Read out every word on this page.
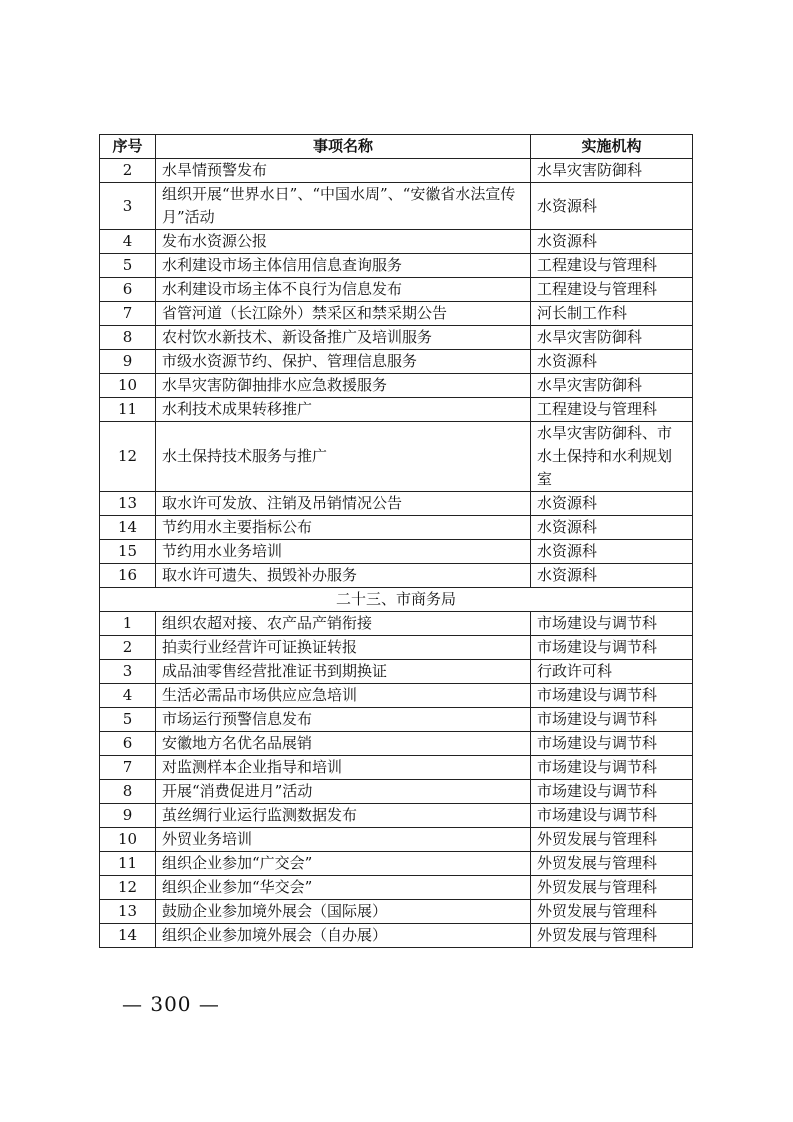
序号	事项名称	实施机构
2	水旱情预警发布	水旱灾害防御科
3	组织开展“世界水日”、“中国水周”、“安徽省水法宣传月”活动	水资源科
4	发布水资源公报	水资源科
5	水利建设市场主体信用信息查询服务	工程建设与管理科
6	水利建设市场主体不良行为信息发布	工程建设与管理科
7	省管河道（长江除外）禁采区和禁采期公告	河长制工作科
8	农村饮水新技术、新设备推广及培训服务	水旱灾害防御科
9	市级水资源节约、保护、管理信息服务	水资源科
10	水旱灾害防御抽排水应急救援服务	水旱灾害防御科
11	水利技术成果转移推广	工程建设与管理科
12	水土保持技术服务与推广	水旱灾害防御科、市水土保持和水利规划室
13	取水许可发放、注销及吊销情况公告	水资源科
14	节约用水主要指标公布	水资源科
15	节约用水业务培训	水资源科
16	取水许可遗失、损毁补办服务	水资源科
二十三、市商务局		
1	组织农超对接、农产品产销衔接	市场建设与调节科
2	拍卖行业经营许可证换证转报	市场建设与调节科
3	成品油零售经营批准证书到期换证	行政许可科
4	生活必需品市场供应应急培训	市场建设与调节科
5	市场运行预警信息发布	市场建设与调节科
6	安徽地方名优名品展销	市场建设与调节科
7	对监测样本企业指导和培训	市场建设与调节科
8	开展“消费促进月”活动	市场建设与调节科
9	茧丝绸行业运行监测数据发布	市场建设与调节科
10	外贸业务培训	外贸发展与管理科
11	组织企业参加“广交会”	外贸发展与管理科
12	组织企业参加“华交会”	外贸发展与管理科
13	鼓励企业参加境外展会（国际展）	外贸发展与管理科
14	组织企业参加境外展会（自办展）	外贸发展与管理科
— 300 —
